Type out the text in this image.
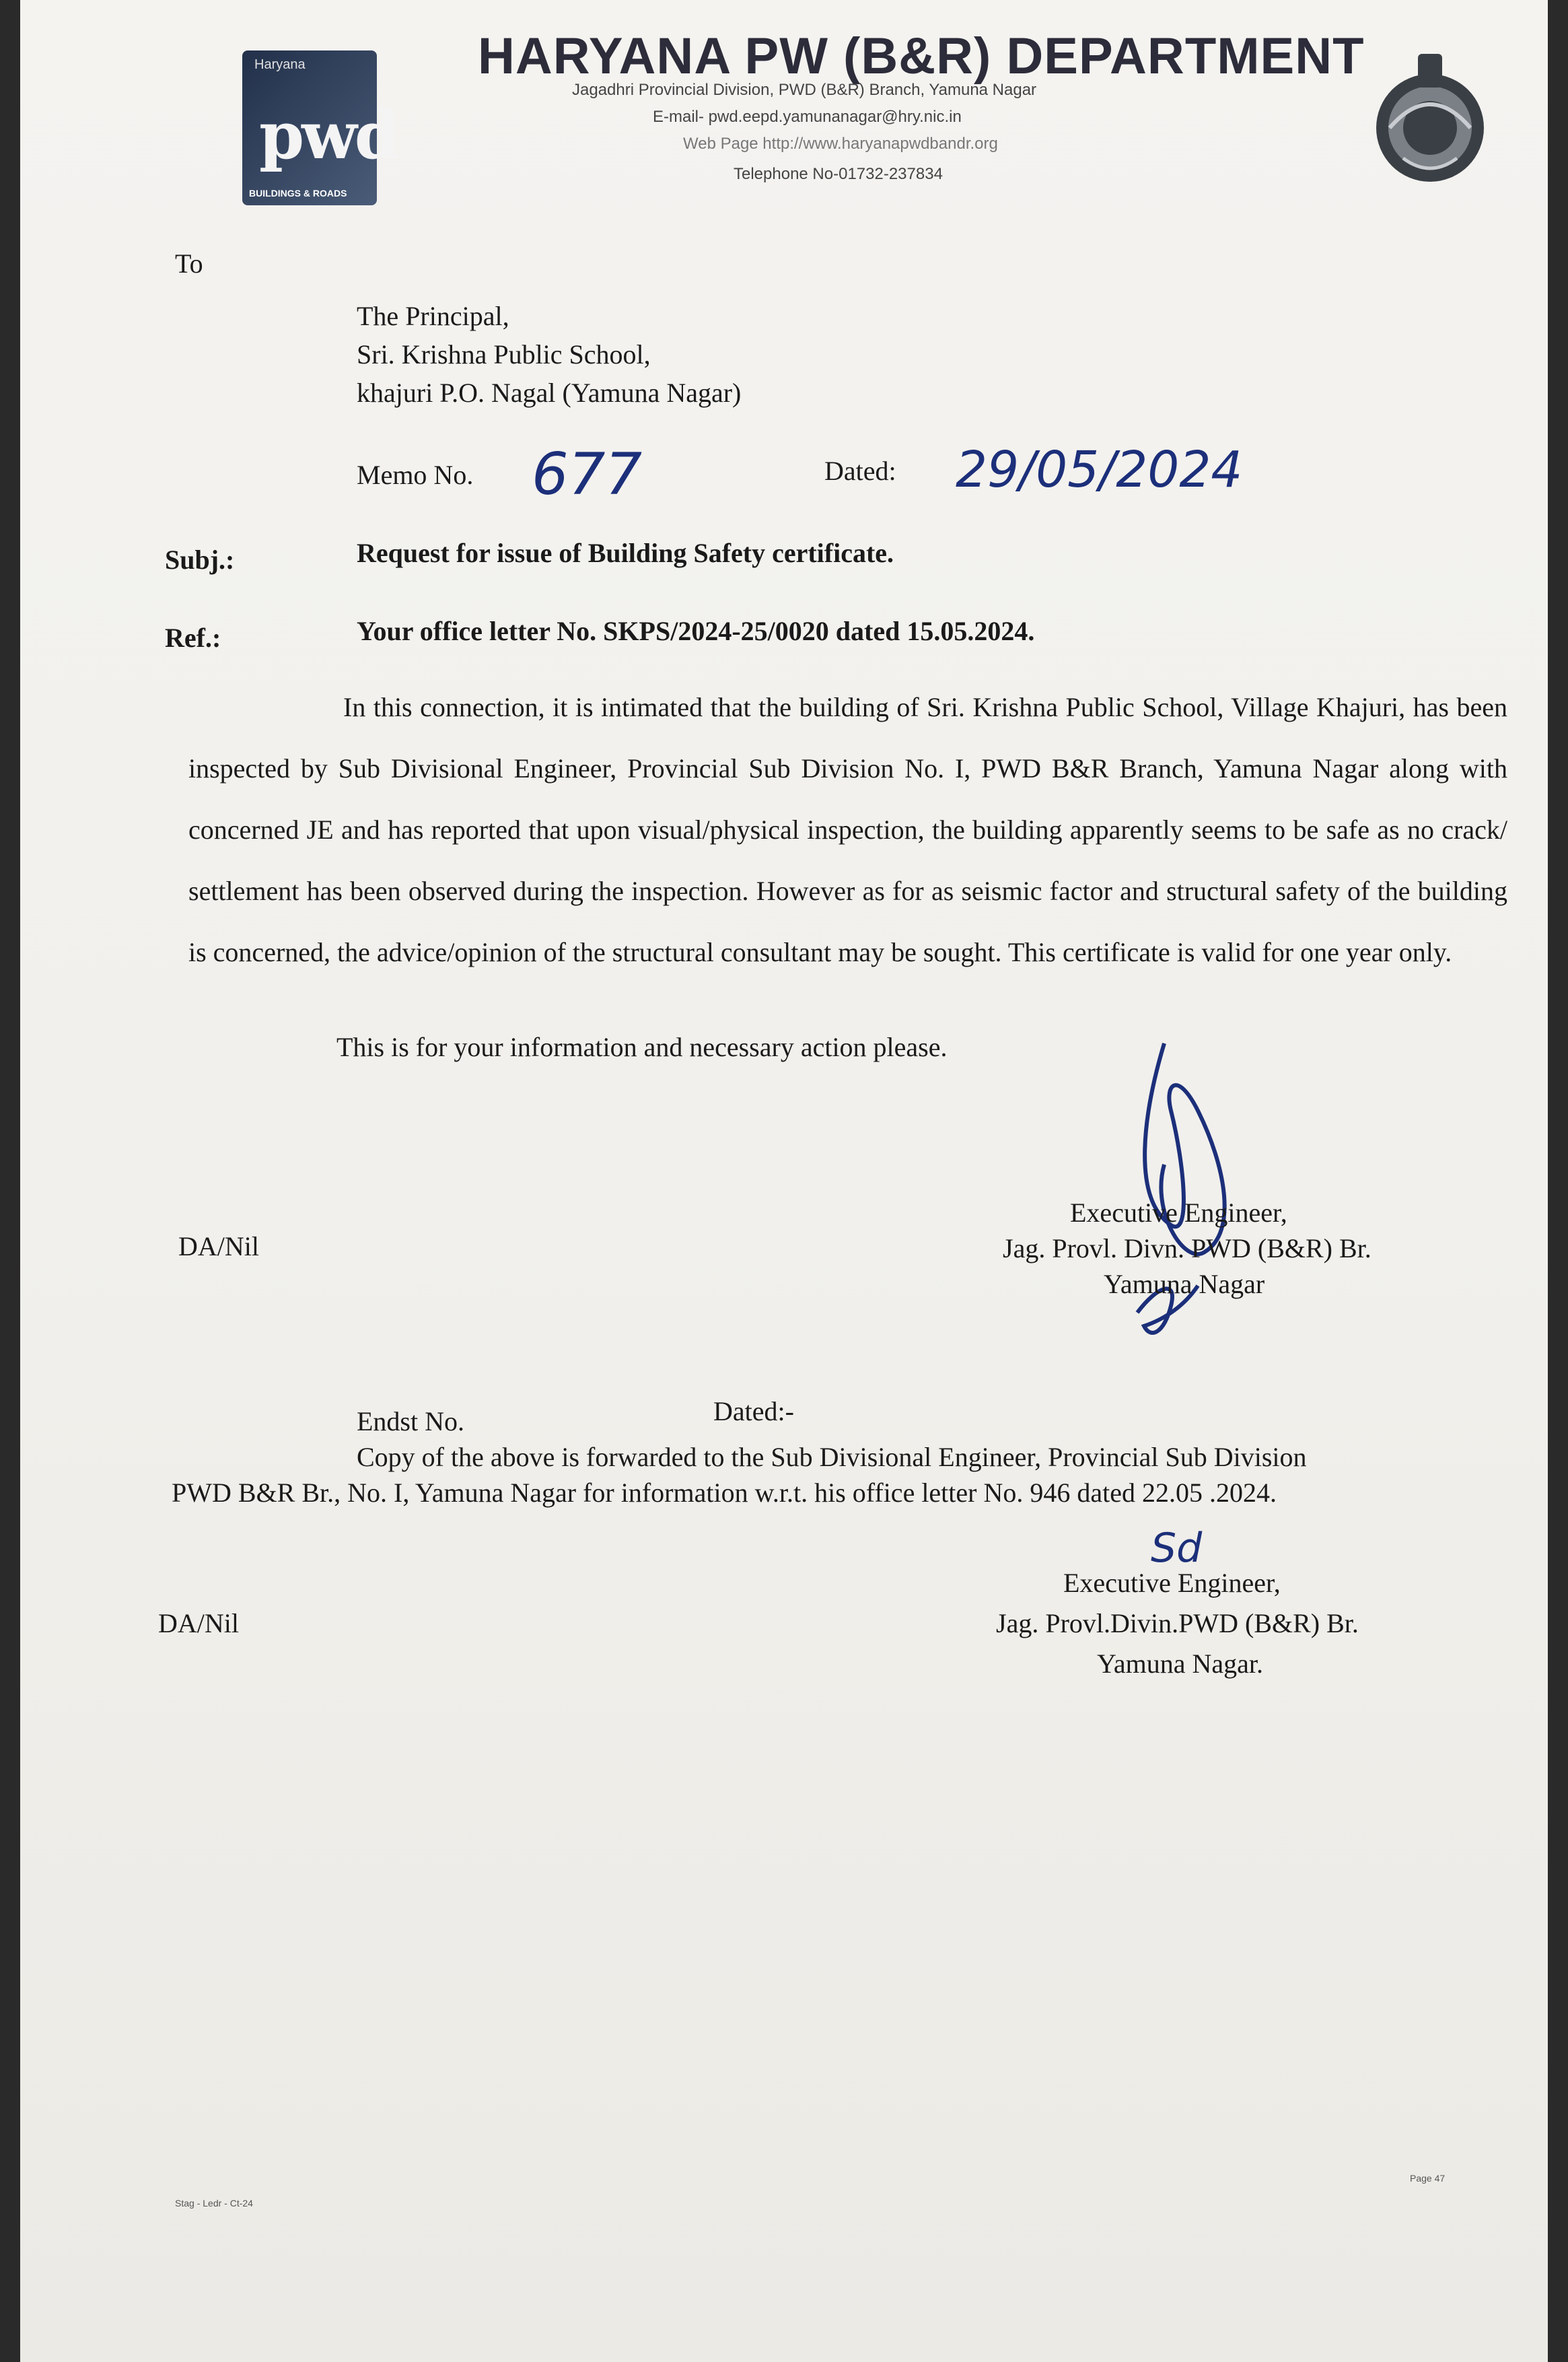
Haryana
pwd
BUILDINGS & ROADS
HARYANA PW (B&R) DEPARTMENT
Jagadhri Provincial Division, PWD (B&R) Branch, Yamuna Nagar
E-mail- pwd.eepd.yamunanagar@hry.nic.in
Web Page http://www.haryanapwdbandr.org
Telephone No-01732-237834
To
The Principal,
Sri. Krishna Public School,
khajuri P.O. Nagal (Yamuna Nagar)
Memo No. 677	Dated: 29/05/2024
Subj.:	Request for issue of Building Safety certificate.
Ref.:	Your office letter No. SKPS/2024-25/0020 dated 15.05.2024.
In this connection, it is intimated that the building of Sri. Krishna Public School, Village Khajuri, has been inspected by Sub Divisional Engineer, Provincial Sub Division No. I, PWD B&R Branch, Yamuna Nagar along with concerned JE and has reported that upon visual/physical inspection, the building apparently seems to be safe as no crack/ settlement has been observed during the inspection. However as for as seismic factor and structural safety of the building is concerned, the advice/opinion of the structural consultant may be sought. This certificate is valid for one year only.
This is for your information and necessary action please.
Executive Engineer,
Jag. Provl. Divn. PWD (B&R) Br.
Yamuna Nagar
DA/Nil
Endst No.	Dated:-
Copy of the above is forwarded to the Sub Divisional Engineer, Provincial Sub Division
PWD B&R Br., No. I, Yamuna Nagar for information w.r.t. his office letter No. 946 dated 22.05 .2024.
Sd
Executive Engineer,
Jag. Provl.Divin.PWD (B&R) Br.
Yamuna Nagar.
DA/Nil
Stag - Ledr - Ct-24
Page 47
